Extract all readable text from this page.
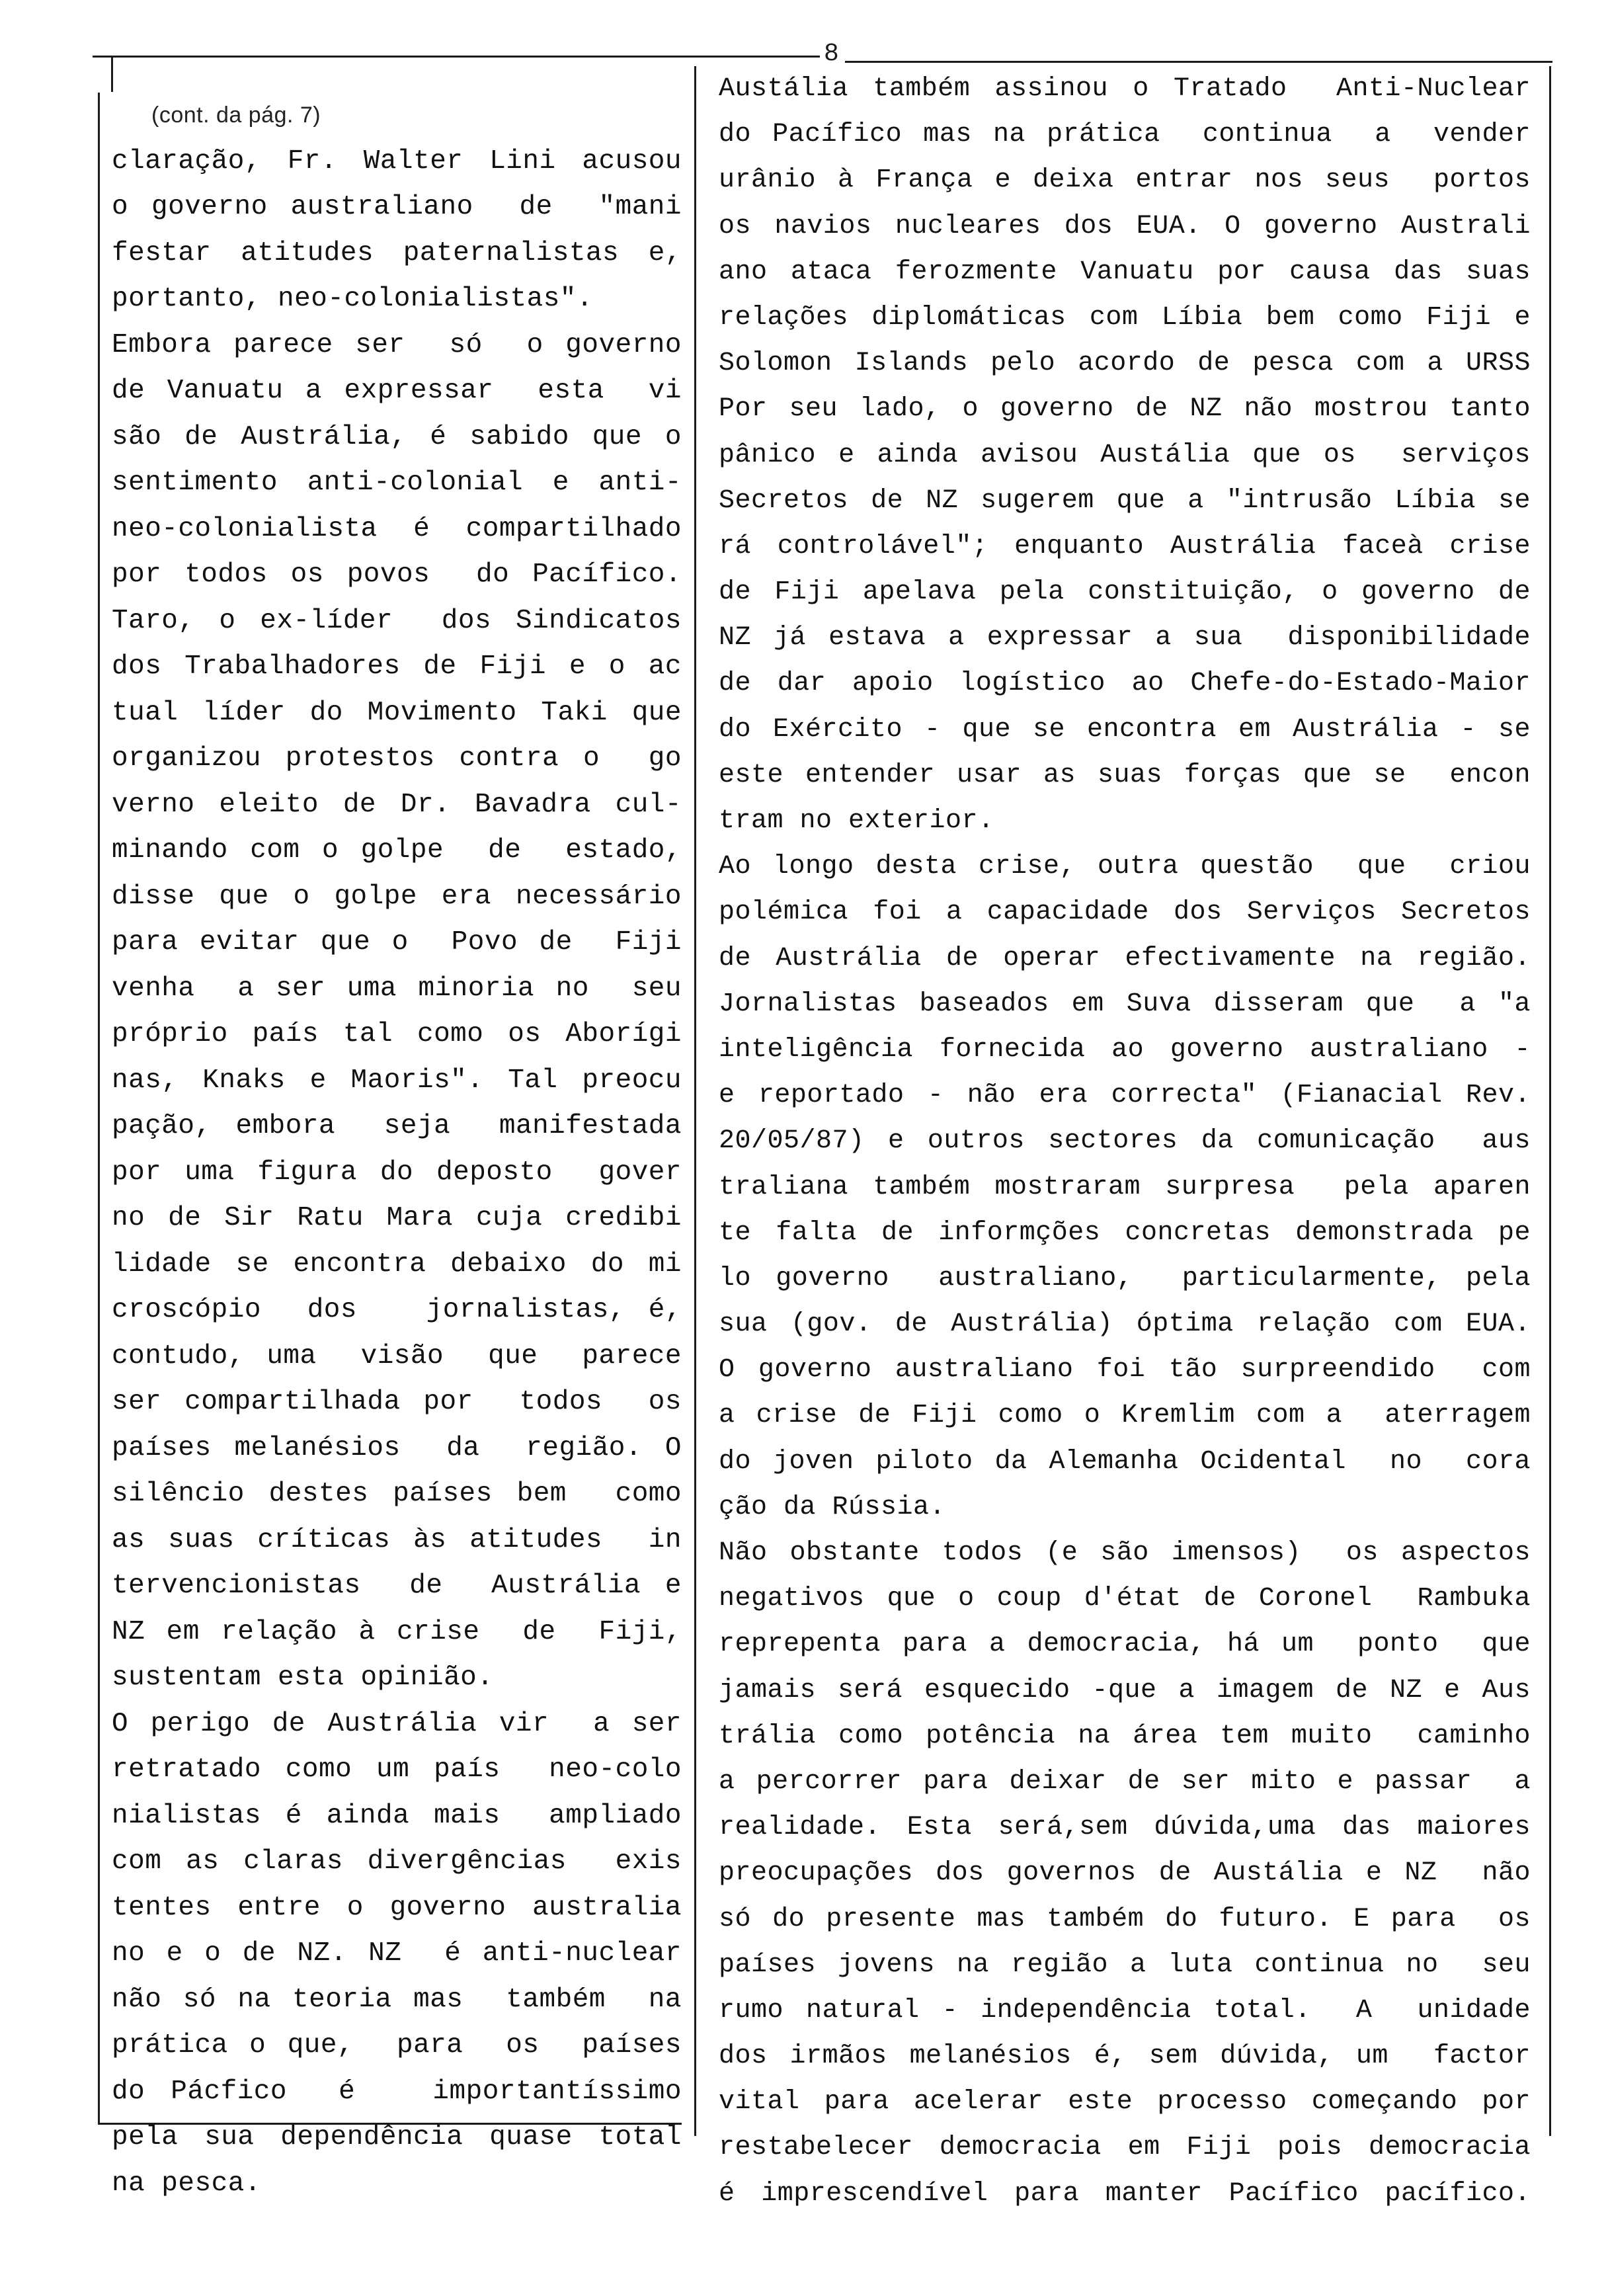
8
(cont. da pág. 7)
claração, Fr. Walter Lini acusou
o governo australiano  de  "mani
festar atitudes paternalistas e,
portanto, neo-colonialistas".
Embora parece ser  só  o governo
de Vanuatu a expressar  esta  vi
são de Austrália, é sabido que o
sentimento anti-colonial e anti-
neo-colonialista é compartilhado
por todos os povos  do Pacífico.
Taro, o ex-líder  dos Sindicatos
dos Trabalhadores de Fiji e o ac
tual líder do Movimento Taki que
organizou protestos contra o  go
verno eleito de Dr. Bavadra cul-
minando com o golpe  de  estado,
disse que o golpe era necessário
para evitar que o  Povo de  Fiji
venha  a ser uma minoria no  seu
próprio país tal como os Aborígi
nas, Knaks e Maoris". Tal preocu
pação, embora  seja  manifestada
por uma figura do deposto  gover
no de Sir Ratu Mara cuja credibi
lidade se encontra debaixo do mi
croscópio  dos   jornalistas, é,
contudo, uma  visão  que  parece
ser compartilhada por  todos  os
países melanésios  da  região. O
silêncio destes países bem  como
as suas críticas às atitudes  in
tervencionistas  de  Austrália e
NZ em relação à crise  de  Fiji,
sustentam esta opinião.
O perigo de Austrália vir  a ser
retratado como um país  neo-colo
nialistas é ainda mais  ampliado
com as claras divergências  exis
tentes entre o governo australia
no e o de NZ. NZ  é anti-nuclear
não só na teoria mas  também  na
prática o que,  para  os  países
do Pácfico  é   importantíssimo
pela sua dependência quase total
na pesca.
Austália também assinou o Tratado  Anti-Nuclear
do Pacífico mas na prática  continua  a  vender
urânio à França e deixa entrar nos seus  portos
os navios nucleares dos EUA. O governo Australi
ano ataca ferozmente Vanuatu por causa das suas
relações diplomáticas com Líbia bem como Fiji e
Solomon Islands pelo acordo de pesca com a URSS
Por seu lado, o governo de NZ não mostrou tanto
pânico e ainda avisou Austália que os  serviços
Secretos de NZ sugerem que a "intrusão Líbia se
rá controlável"; enquanto Austrália faceà crise
de Fiji apelava pela constituição, o governo de
NZ já estava a expressar a sua  disponibilidade
de dar apoio logístico ao Chefe-do-Estado-Maior
do Exército - que se encontra em Austrália - se
este entender usar as suas forças que se  encon
tram no exterior.
Ao longo desta crise, outra questão  que  criou
polémica foi a capacidade dos Serviços Secretos
de Austrália de operar efectivamente na região.
Jornalistas baseados em Suva disseram que  a "a
inteligência fornecida ao governo australiano -
e reportado - não era correcta" (Fianacial Rev.
20/05/87) e outros sectores da comunicação  aus
traliana também mostraram surpresa  pela aparen
te falta de informções concretas demonstrada pe
lo governo  australiano,  particularmente, pela
sua (gov. de Austrália) óptima relação com EUA.
O governo australiano foi tão surpreendido  com
a crise de Fiji como o Kremlim com a  aterragem
do joven piloto da Alemanha Ocidental  no  cora
ção da Rússia.
Não obstante todos (e são imensos)  os aspectos
negativos que o coup d'état de Coronel  Rambuka
reprepenta para a democracia, há um  ponto  que
jamais será esquecido -que a imagem de NZ e Aus
trália como potência na área tem muito  caminho
a percorrer para deixar de ser mito e passar  a
realidade. Esta será,sem dúvida,uma das maiores
preocupações dos governos de Austália e NZ  não
só do presente mas também do futuro. E para  os
países jovens na região a luta continua no  seu
rumo natural - independência total.  A  unidade
dos irmãos melanésios é, sem dúvida, um  factor
vital para acelerar este processo começando por
restabelecer democracia em Fiji pois democracia
é imprescendível para manter Pacífico pacífico.
